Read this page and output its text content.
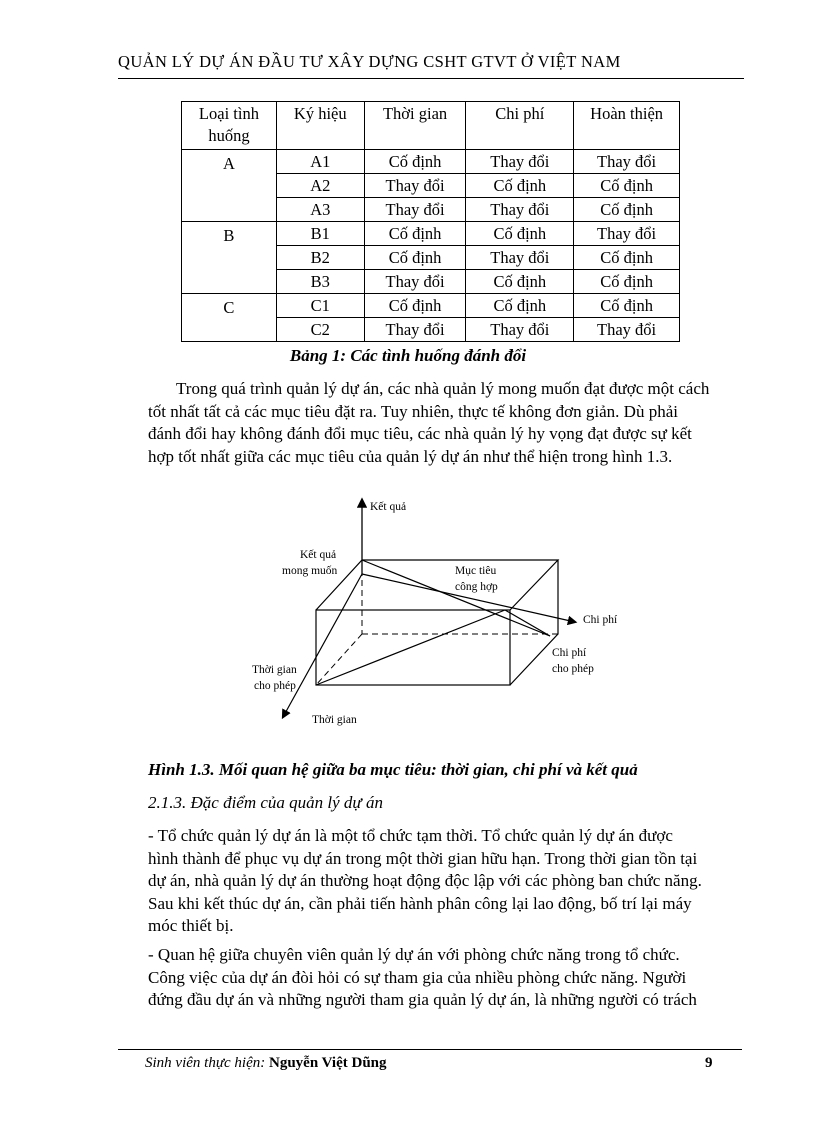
QUẢN LÝ DỰ ÁN ĐẦU TƯ XÂY DỰNG CSHT GTVT Ở VIỆT NAM
Loại tình huống	Ký hiệu	Thời gian	Chi phí	Hoàn thiện
A	A1	Cố định	Thay đổi	Thay đổi
	A2	Thay đổi	Cố định	Cố định
	A3	Thay đổi	Thay đổi	Cố định
B	B1	Cố định	Cố định	Thay đổi
	B2	Cố định	Thay đổi	Cố định
	B3	Thay đổi	Cố định	Cố định
C	C1	Cố định	Cố định	Cố định
	C2	Thay đổi	Thay đổi	Thay đổi
Bảng 1: Các tình huống đánh đổi
Trong quá trình quản lý dự án, các nhà quản lý mong muốn đạt được một cách
tốt nhất tất cả các mục tiêu đặt ra. Tuy nhiên, thực tế không đơn giản. Dù phải
đánh đổi hay không đánh đổi mục tiêu, các nhà quản lý hy vọng đạt được sự kết
hợp tốt nhất giữa các mục tiêu của quản lý dự án như thể hiện trong hình 1.3.
Kết quả
Kết quả
mong muốn	Mục tiêu
công hợp
Chi phí
Chi phí
cho phép
Thời gian
cho phép
Thời gian
Hình 1.3. Mối quan hệ giữa ba mục tiêu: thời gian, chi phí và kết quả
2.1.3. Đặc điểm của quản lý dự án
- Tổ chức quản lý dự án là một tổ chức tạm thời. Tổ chức quản lý dự án được
hình thành để phục vụ dự án trong một thời gian hữu hạn. Trong thời gian tồn tại
dự án, nhà quản lý dự án thường hoạt động độc lập với các phòng ban chức năng.
Sau khi kết thúc dự án, cần phải tiến hành phân công lại lao động, bố trí lại máy
móc thiết bị.
- Quan hệ giữa chuyên viên quản lý dự án với phòng chức năng trong tổ chức.
Công việc của dự án đòi hỏi có sự tham gia của nhiều phòng chức năng. Người
đứng đầu dự án và những người tham gia quản lý dự án, là những người có trách
Sinh viên thực hiện: Nguyễn Việt Dũng	9
